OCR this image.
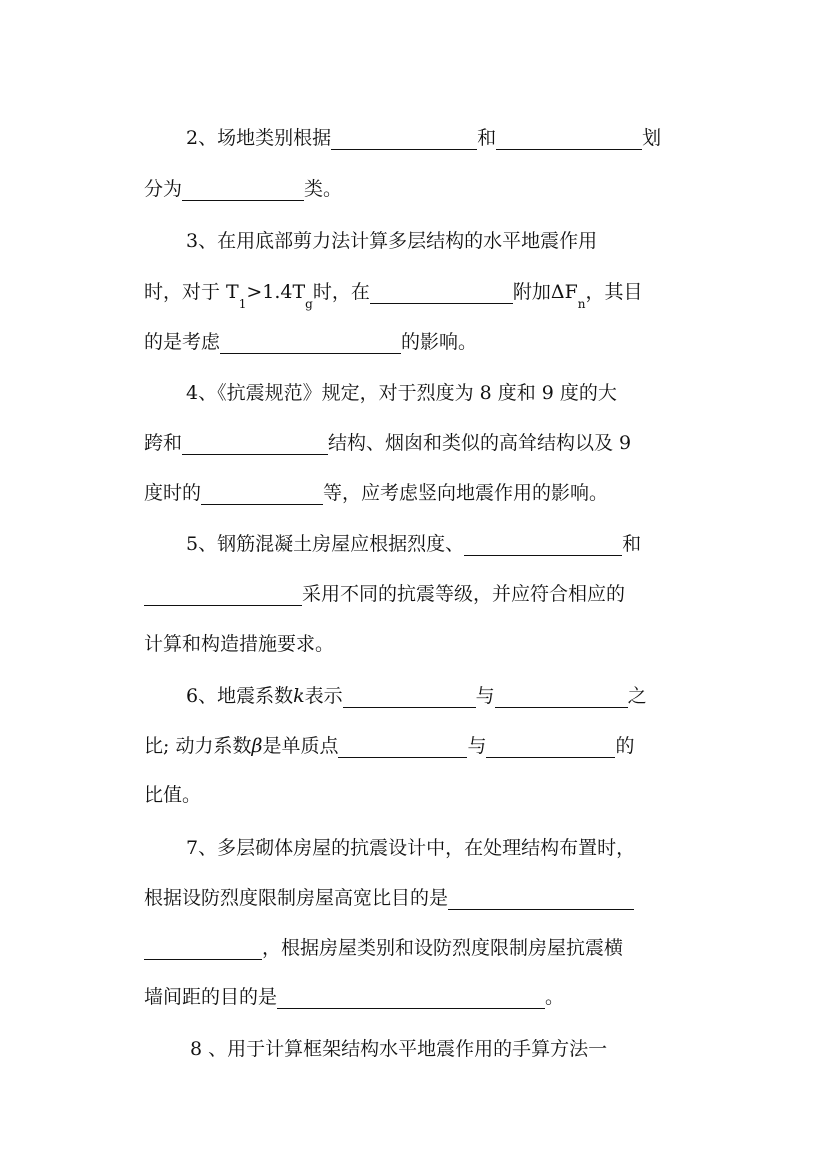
2、场地类别根据	和	划
分为	类。
3、在用底部剪力法计算多层结构的水平地震作用
时，对于 T
1
>1.4T
g
时，在	附加ΔF
n
，其目
的是考虑	的影响。
4、《抗震规范》规定，对于烈度为 8 度和 9 度的大
跨和	结构、烟囱和类似的高耸结构以及 9
度时的	等，应考虑竖向地震作用的影响。
5、钢筋混凝土房屋应根据烈度、	和
采用不同的抗震等级，并应符合相应的
计算和构造措施要求。
6、地震系数 k 表示	与	之
比; 动力系数 β 是单质点	与	的
比值。
7、多层砌体房屋的抗震设计中，在处理结构布置时，
根据设防烈度限制房屋高宽比目的是
，根据房屋类别和设防烈度限制房屋抗震横
墙间距的目的是	。
8 、用于计算框架结构水平地震作用的手算方法一
